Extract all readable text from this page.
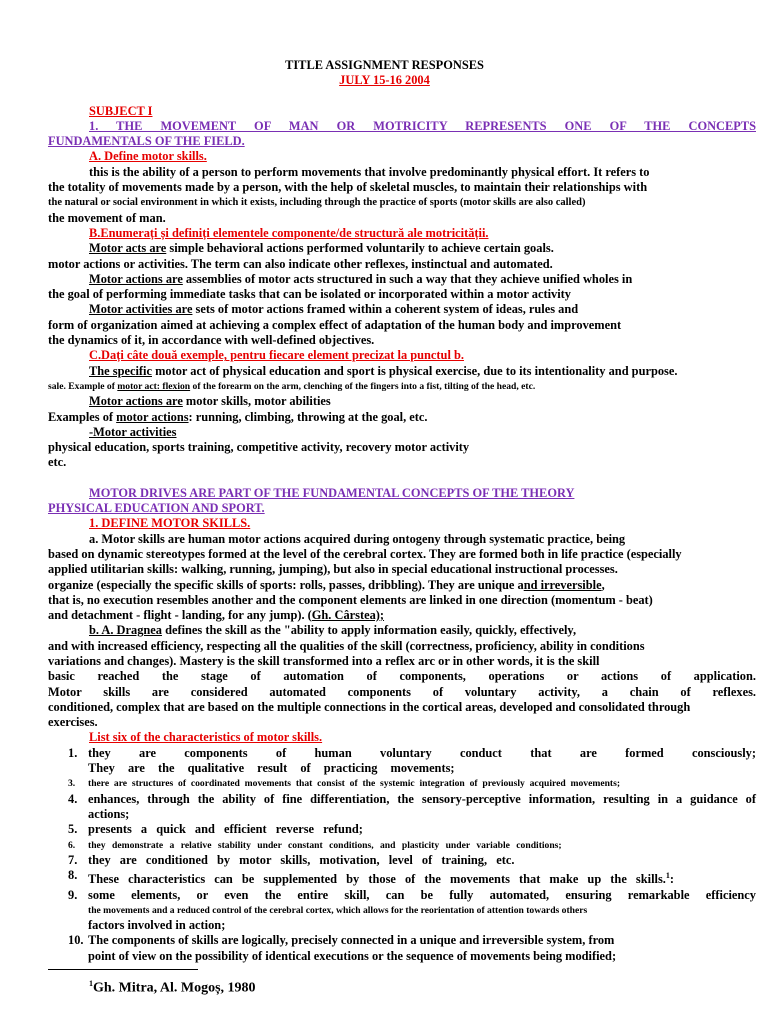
TITLE ASSIGNMENT RESPONSES
JULY 15-16 2004
SUBJECT I
1. THE MOVEMENT OF MAN OR MOTRICITY REPRESENTS ONE OF THE CONCEPTS
FUNDAMENTALS OF THE FIELD.
A. Define motor skills.
this is the ability of a person to perform movements that involve predominantly physical effort. It refers to
the totality of movements made by a person, with the help of skeletal muscles, to maintain their relationships with
the natural or social environment in which it exists, including through the practice of sports (motor skills are also called)
the movement of man.
B.Enumerați și definiți elementele componente/de structură ale motricității.
Motor acts are simple behavioral actions performed voluntarily to achieve certain goals.
motor actions or activities. The term can also indicate other reflexes, instinctual and automated.
Motor actions are assemblies of motor acts structured in such a way that they achieve unified wholes in
the goal of performing immediate tasks that can be isolated or incorporated within a motor activity
Motor activities are sets of motor actions framed within a coherent system of ideas, rules and
form of organization aimed at achieving a complex effect of adaptation of the human body and improvement
the dynamics of it, in accordance with well-defined objectives.
C.Dați câte două exemple, pentru fiecare element precizat la punctul b.
The specific motor act of physical education and sport is physical exercise, due to its intentionality and purpose.
sale. Example of motor act: flexion of the forearm on the arm, clenching of the fingers into a fist, tilting of the head, etc.
Motor actions are motor skills, motor abilities
Examples of motor actions: running, climbing, throwing at the goal, etc.
-Motor activities
physical education, sports training, competitive activity, recovery motor activity
etc.
MOTOR DRIVES ARE PART OF THE FUNDAMENTAL CONCEPTS OF THE THEORY
PHYSICAL EDUCATION AND SPORT.
1. DEFINE MOTOR SKILLS.
a. Motor skills are human motor actions acquired during ontogeny through systematic practice, being
based on dynamic stereotypes formed at the level of the cerebral cortex. They are formed both in life practice (especially
applied utilitarian skills: walking, running, jumping), but also in special educational instructional processes.
organize (especially the specific skills of sports: rolls, passes, dribbling). They are unique and irreversible,
that is, no execution resembles another and the component elements are linked in one direction (momentum - beat)
and detachment - flight - landing, for any jump). (Gh. Cârstea);
b. A. Dragnea defines the skill as the "ability to apply information easily, quickly, effectively,
and with increased efficiency, respecting all the qualities of the skill (correctness, proficiency, ability in conditions
variations and changes). Mastery is the skill transformed into a reflex arc or in other words, it is the skill
basic reached the stage of automation of components, operations or actions of application.
Motor skills are considered automated components of voluntary activity, a chain of reflexes.
conditioned, complex that are based on the multiple connections in the cortical areas, developed and consolidated through
exercises.
List six of the characteristics of motor skills.
1. they are components of human voluntary conduct that are formed consciously;
They are the qualitative result of practicing movements;
3.	there are structures of coordinated movements that consist of the systemic integration of previously acquired movements;
4. enhances, through the ability of fine differentiation, the sensory-perceptive information, resulting in a guidance of
actions;
5. presents a quick and efficient reverse refund;
6.	they demonstrate a relative stability under constant conditions, and plasticity under variable conditions;
7. they are conditioned by motor skills, motivation, level of training, etc.
8. These characteristics can be supplemented by those of the movements that make up the skills.$^1$:
9. some elements, or even the entire skill, can be fully automated, ensuring remarkable efficiency
the movements and a reduced control of the cerebral cortex, which allows for the reorientation of attention towards others
factors involved in action;
10. The components of skills are logically, precisely connected in a unique and irreversible system, from
point of view on the possibility of identical executions or the sequence of movements being modified;
$^1$Gh. Mitra, Al. Mogoș, 1980
